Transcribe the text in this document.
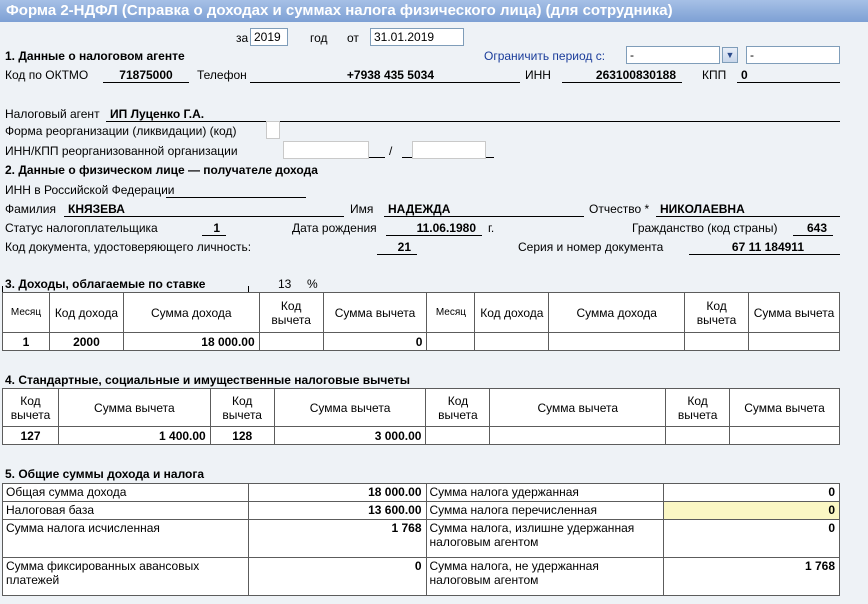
Форма 2-НДФЛ (Справка о доходах и суммах налога физического лица) (для сотрудника)
за 2019	год от	31.01.2019
1. Данные о налоговом агенте	Ограничить период с:	-	▼	-
Код по ОКТМО	71875000	Телефон	+7938 435 5034	ИНН	263100830188	КПП	0
Налоговый агент ИП Луценко Г.А.
Форма реорганизации (ликвидации) (код)
ИНН/КПП реорганизованной организации	/
2. Данные о физическом лице — получателе дохода
ИНН в Российской Федерации
Фамилия	КНЯЗЕВА	Имя	НАДЕЖДА	Отчество * НИКОЛАЕВНА
Статус налогоплательщика	1	Дата рождения	11.06.1980	г.	Гражданство (код страны)	643
Код документа, удостоверяющего личность:	21	Серия и номер документа	67 11 184911
3. Доходы, облагаемые по ставке	13 %
Месяц	Код дохода	Сумма дохода	Код вычета	Сумма вычета	Месяц	Код дохода	Сумма дохода	Код вычета	Сумма вычета
1	2000	18 000.00		0					
4. Стандартные, социальные и имущественные налоговые вычеты
Код вычета	Сумма вычета	Код вычета	Сумма вычета	Код вычета	Сумма вычета	Код вычета	Сумма вычета
127	1 400.00	128	3 000.00				
5. Общие суммы дохода и налога
Общая сумма дохода	18 000.00	Сумма налога удержанная	0
Налоговая база	13 600.00	Сумма налога перечисленная	0
Сумма налога исчисленная	1 768	Сумма налога, излишне удержанная налоговым агентом	0
Сумма фиксированных авансовых платежей	0	Сумма налога, не удержанная налоговым агентом	1 768
